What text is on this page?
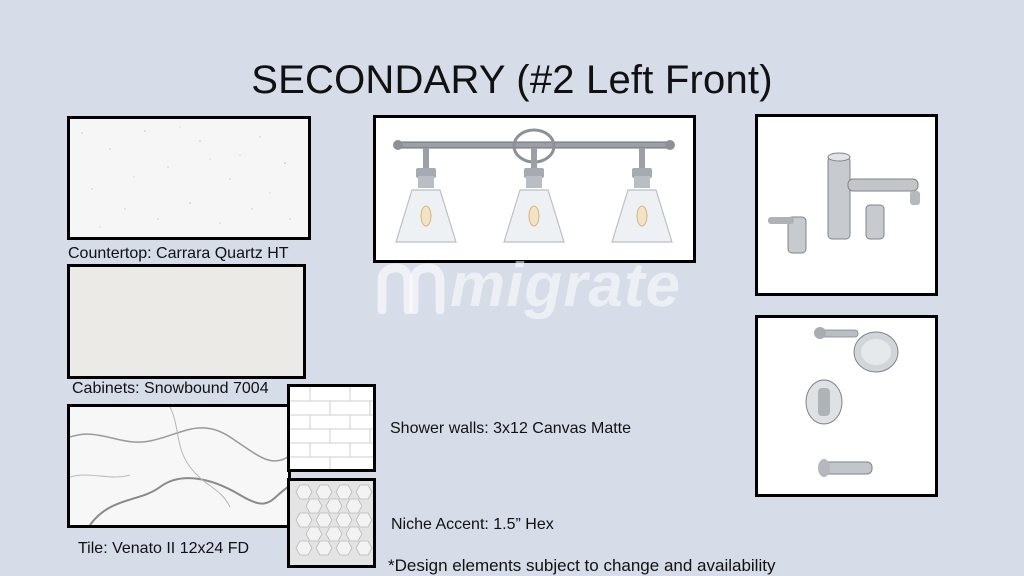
SECONDARY (#2 Left Front)
Countertop: Carrara Quartz HT
Cabinets: Snowbound 7004
Tile: Venato II 12x24 FD
Shower walls: 3x12 Canvas Matte
Niche Accent: 1.5” Hex
migrate
*Design elements subject to change and availability
